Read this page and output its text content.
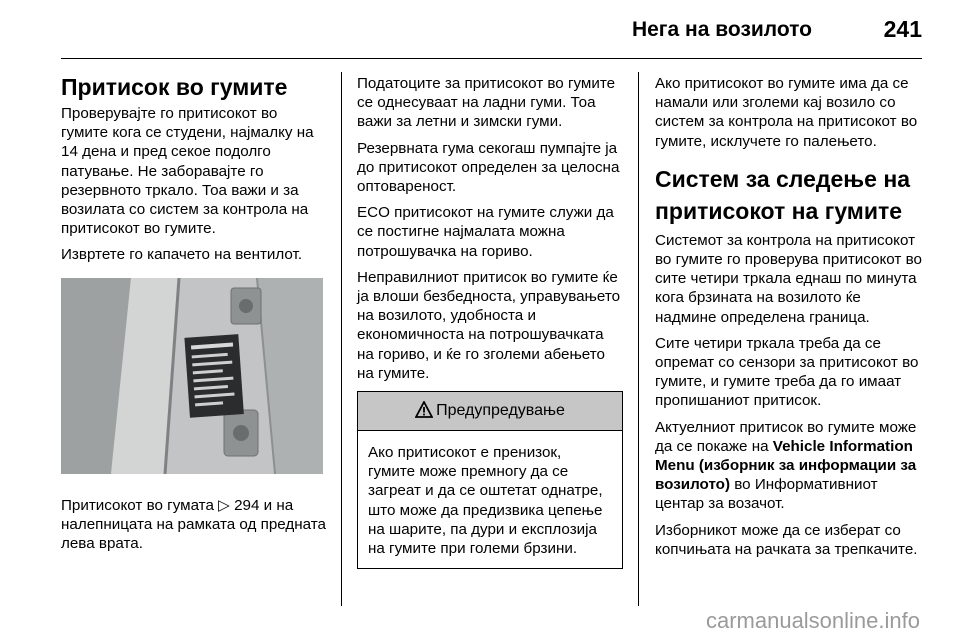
Нега на возилото	241
Притисок во гумите

Проверувајте го притисокот во гумите кога се студени, најмалку на 14 дена и пред секое подолго патување. Не заборавајте го резервното тркало. Тоа важи и за возилата со систем за контрола на притисокот во гумите.

Извртете го капачето на вентилот.

Притисокот во гумата ▷ 294 и на налепницата на рамката од предната лева врата.

Податоците за притисокот во гумите се однесуваат на ладни гуми. Тоа важи за летни и зимски гуми.

Резервната гума секогаш пумпајте ја до притисокот определен за целосна оптовареност.

ECO притисокот на гумите служи да се постигне најмалата можна потрошувачка на гориво.

Неправилниот притисок во гумите ќе ја влоши безбедноста, управувањето на возилото, удобноста и економичноста на потрошувачката на гориво, и ќе го зголеми абењето на гумите.

Предупредување
Ако притисокот е пренизок, гумите може премногу да се загреат и да се оштетат однатре, што може да предизвика цепење на шарите, па дури и експлозија на гумите при големи брзини.

Ако притисокот во гумите има да се намали или зголеми кај возило со систем за контрола на притисокот во гумите, исклучете го палењето.

Систем за следење на притисокот на гумите

Системот за контрола на притисокот во гумите го проверува притисокот во сите четири тркала еднаш по минута кога брзината на возилото ќе надмине определена граница.

Сите четири тркала треба да се опремат со сензори за притисокот во гумите, и гумите треба да го имаат пропишаниот притисок.

Актуелниот притисок во гумите може да се покаже на Vehicle Information Menu (изборник за информации за возилото) во Информативниот центар за возачот.

Изборникот може да се изберат со копчињата на рачката за трепкачите.

carmanualsonline.info
